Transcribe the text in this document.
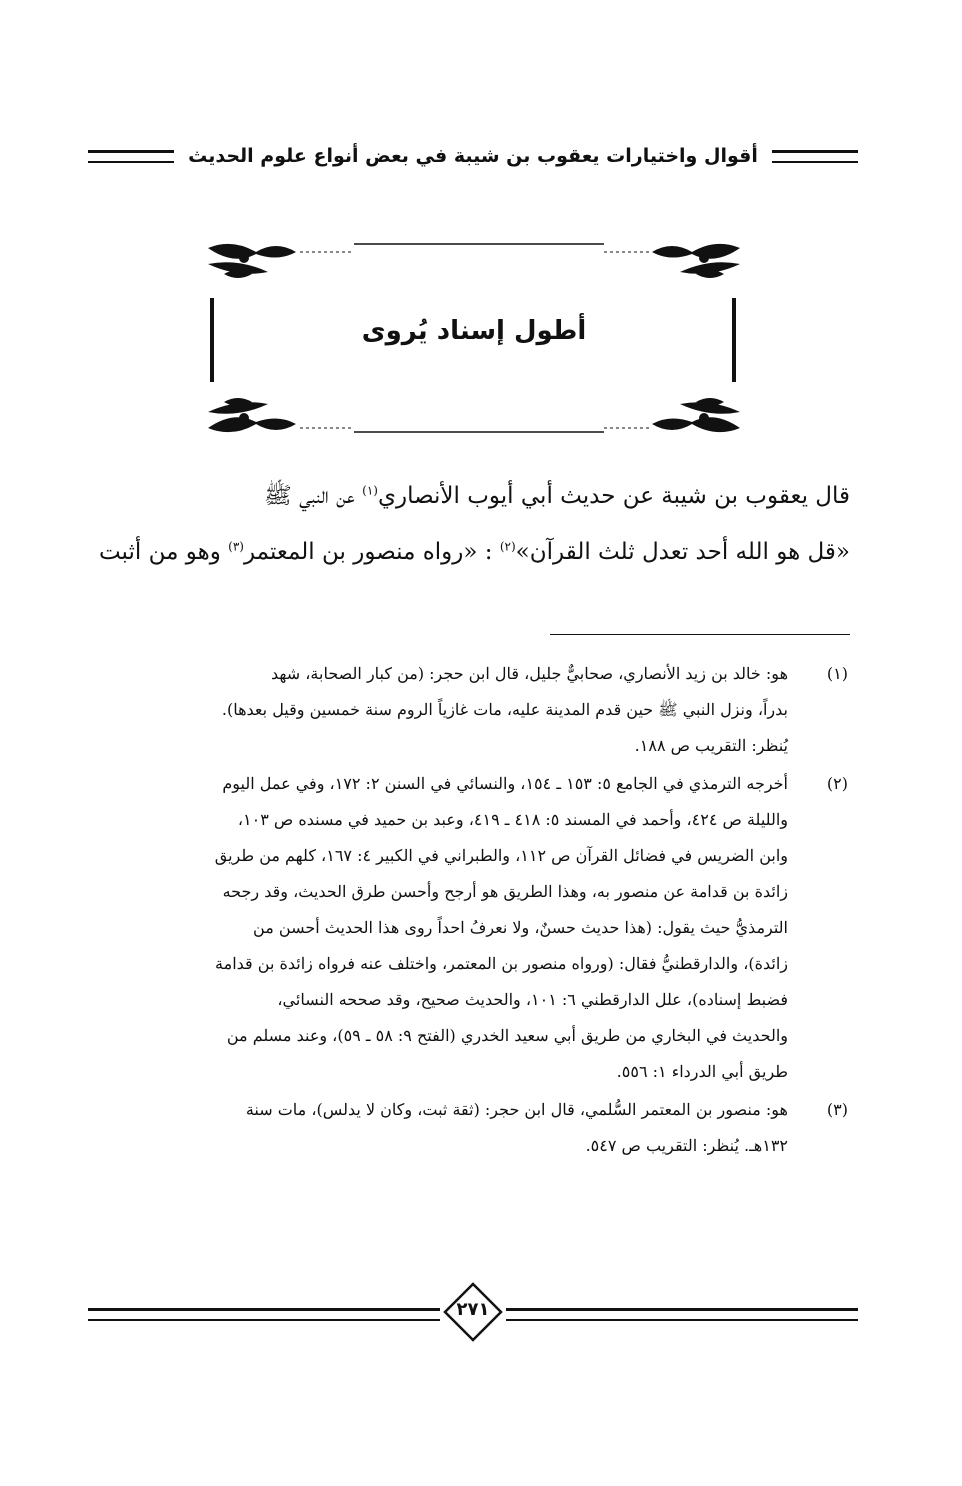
أقوال واختيارات يعقوب بن شيبة في بعض أنواع علوم الحديث
أطول إسناد يُروى
قال يعقوب بن شيبة عن حديث أبي أيوب الأنصاري$^{(١)}$ عن النبي ﷺ
«قل هو الله أحد تعدل ثلث القرآن»$^{(٢)}$ : «رواه منصور بن المعتمر$^{(٣)}$ وهو من أثبت
(١)
هو: خالد بن زيد الأنصاري، صحابيٌّ جليل، قال ابن حجر: (من كبار الصحابة، شهد
بدراً، ونزل النبي ﷺ حين قدم المدينة عليه، مات غازياً الروم سنة خمسين وقيل بعدها).
يُنظر: التقريب ص ١٨٨.
(٢)
أخرجه الترمذي في الجامع ٥: ١٥٣ ـ ١٥٤، والنسائي في السنن ٢: ١٧٢، وفي عمل اليوم
والليلة ص ٤٢٤، وأحمد في المسند ٥: ٤١٨ ـ ٤١٩، وعبد بن حميد في مسنده ص ١٠٣،
وابن الضريس في فضائل القرآن ص ١١٢، والطبراني في الكبير ٤: ١٦٧، كلهم من طريق
زائدة بن قدامة عن منصور به، وهذا الطريق هو أرجح وأحسن طرق الحديث، وقد رجحه
الترمذيُّ حيث يقول: (هذا حديث حسنٌ، ولا نعرفُ احداً روى هذا الحديث أحسن من
زائدة)، والدارقطنيُّ فقال: (ورواه منصور بن المعتمر، واختلف عنه فرواه زائدة بن قدامة
فضبط إسناده)، علل الدارقطني ٦: ١٠١، والحديث صحيح، وقد صححه النسائي،
والحديث في البخاري من طريق أبي سعيد الخدري (الفتح ٩: ٥٨ ـ ٥٩)، وعند مسلم من
طريق أبي الدرداء ١: ٥٥٦.
(٣)
هو: منصور بن المعتمر السُّلمي، قال ابن حجر: (ثقة ثبت، وكان لا يدلس)، مات سنة
١٣٢هـ. يُنظر: التقريب ص ٥٤٧.
٢٧١
